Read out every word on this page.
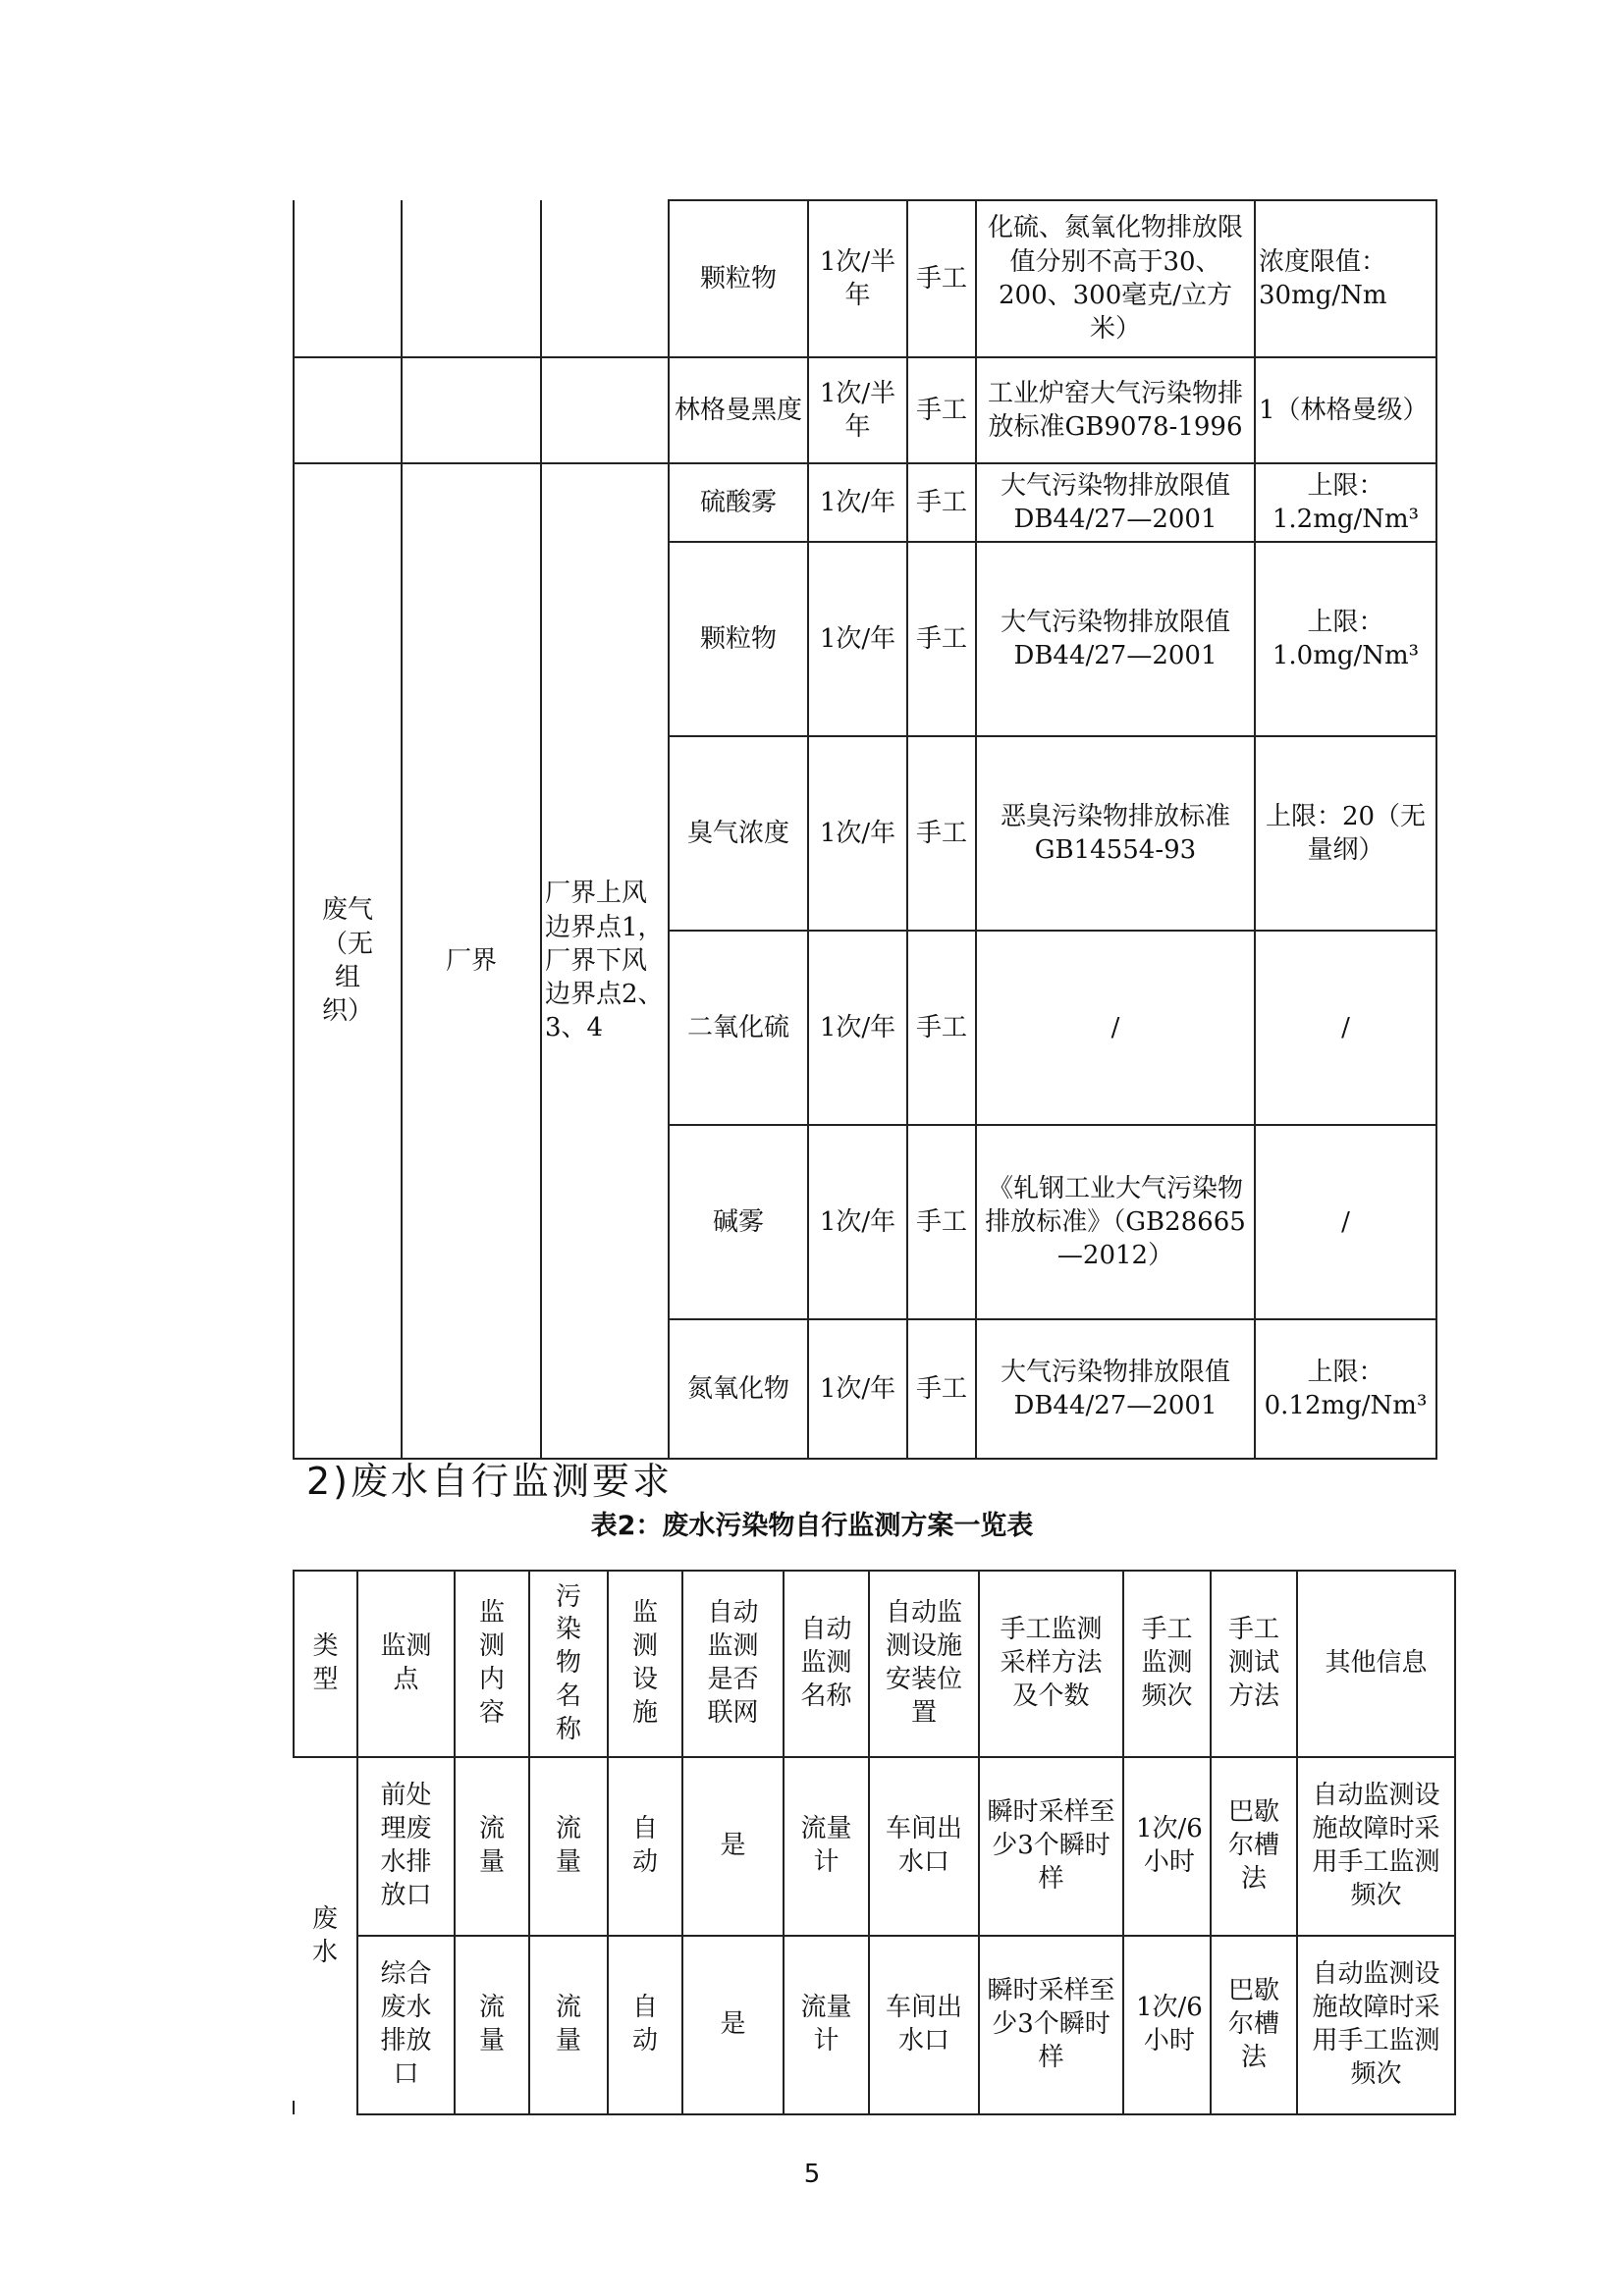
			颗粒物	1次/半年	手工	化硫、氮氧化物排放限值分别不高于30、200、300毫克/立方米）	浓度限值：30mg/Nm
			林格曼黑度	1次/半年	手工	工业炉窑大气污染物排放标准GB9078-1996	1（林格曼级）
废气（无组织）	厂界	厂界上风边界点1，厂界下风边界点2、3、4	硫酸雾	1次/年	手工	大气污染物排放限值DB44/27—2001	上限：1.2mg/Nm³
			颗粒物	1次/年	手工	大气污染物排放限值DB44/27—2001	上限：1.0mg/Nm³
			臭气浓度	1次/年	手工	恶臭污染物排放标准GB14554-93	上限：20（无量纲）
			二氧化硫	1次/年	手工	/	/
			碱雾	1次/年	手工	《轧钢工业大气污染物排放标准》（GB28665—2012）	/
			氮氧化物	1次/年	手工	大气污染物排放限值DB44/27—2001	上限：0.12mg/Nm³
2)废水自行监测要求
表2：废水污染物自行监测方案一览表
类型	监测点	监测内容	污染物名称	监测设施	自动监测是否联网	自动监测名称	自动监测设施安装位置	手工监测采样方法及个数	手工监测频次	手工测试方法	其他信息
废水	前处理废水排放口	流量	流量	自动	是	流量计	车间出水口	瞬时采样至少3个瞬时样	1次/6小时	巴歇尔槽法	自动监测设施故障时采用手工监测频次
	综合废水排放口	流量	流量	自动	是	流量计	车间出水口	瞬时采样至少3个瞬时样	1次/6小时	巴歇尔槽法	自动监测设施故障时采用手工监测频次
5
